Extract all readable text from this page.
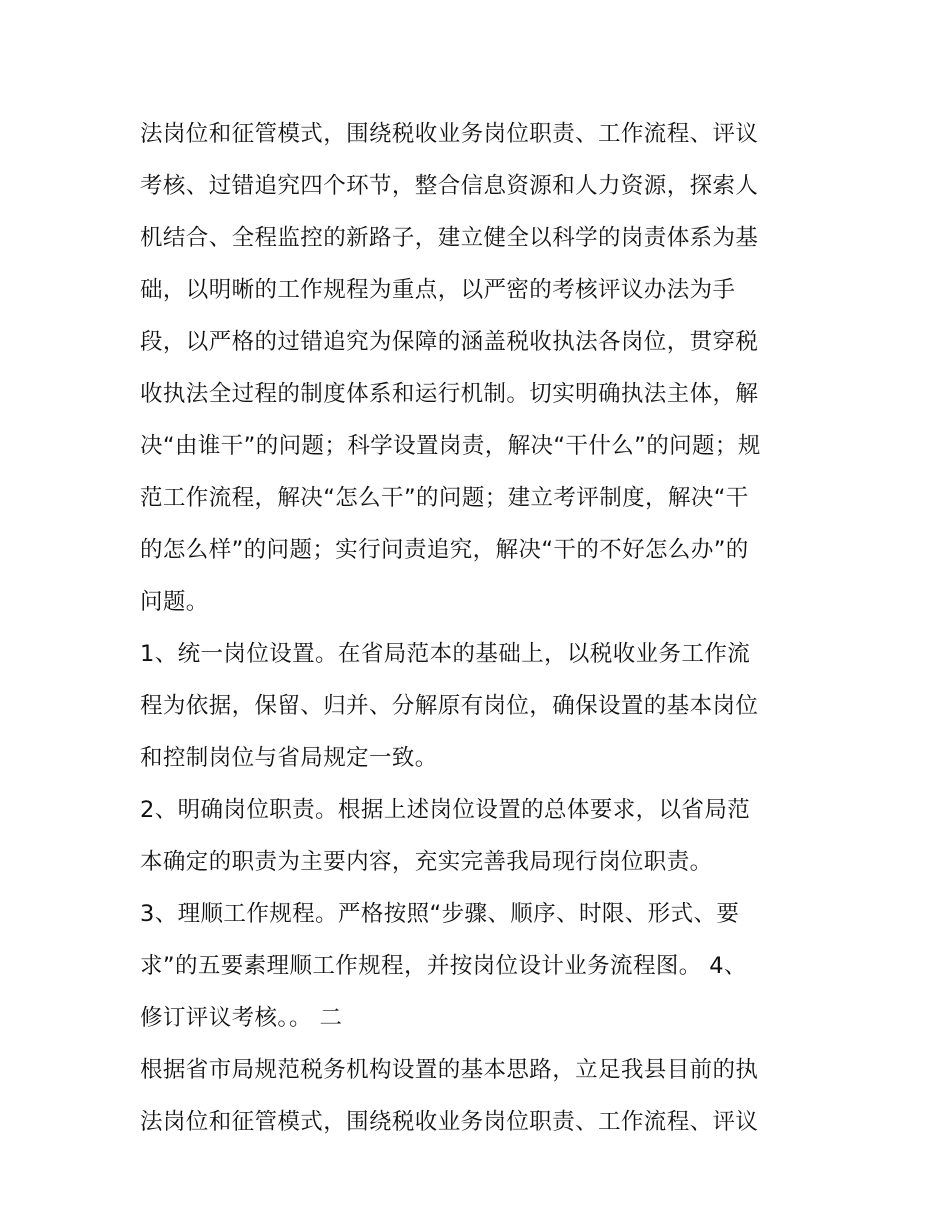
法岗位和征管模式，围绕税收业务岗位职责、工作流程、评议
考核、过错追究四个环节，整合信息资源和人力资源，探索人
机结合、全程监控的新路子，建立健全以科学的岗责体系为基
础，以明晰的工作规程为重点，以严密的考核评议办法为手
段，以严格的过错追究为保障的涵盖税收执法各岗位，贯穿税
收执法全过程的制度体系和运行机制。切实明确执法主体，解
决“由谁干”的问题；科学设置岗责，解决“干什么”的问题；规
范工作流程，解决“怎么干”的问题；建立考评制度，解决“干
的怎么样”的问题；实行问责追究，解决“干的不好怎么办”的
问题。
1、统一岗位设置。在省局范本的基础上，以税收业务工作流
程为依据，保留、归并、分解原有岗位，确保设置的基本岗位
和控制岗位与省局规定一致。
2、明确岗位职责。根据上述岗位设置的总体要求，以省局范
本确定的职责为主要内容，充实完善我局现行岗位职责。
3、理顺工作规程。严格按照“步骤、顺序、时限、形式、要
求”的五要素理顺工作规程，并按岗位设计业务流程图。 4、
修订评议考核。。 二
根据省市局规范税务机构设置的基本思路，立足我县目前的执
法岗位和征管模式，围绕税收业务岗位职责、工作流程、评议
